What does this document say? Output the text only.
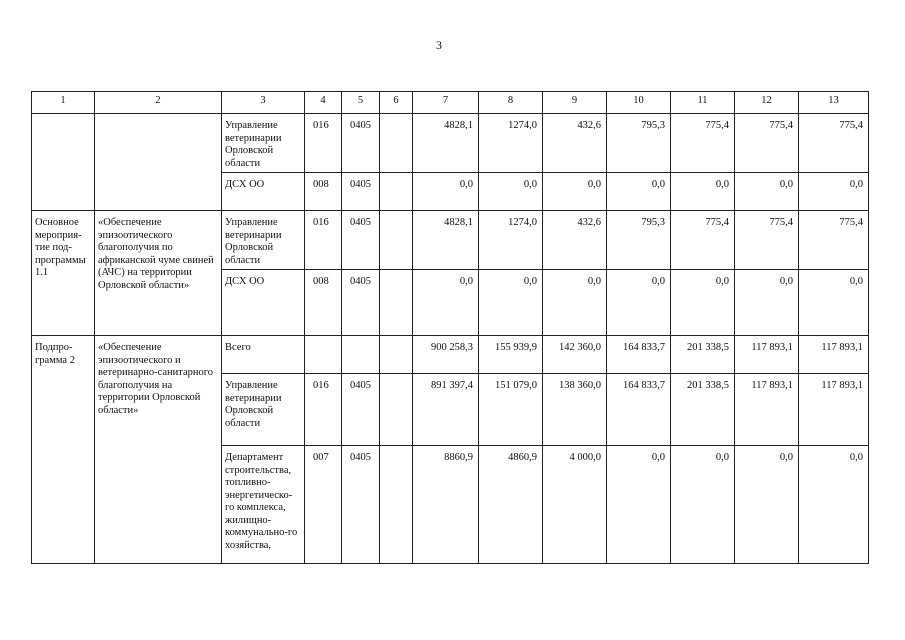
3
1	2	3	4	5	6	7	8	9	10	11	12	13
		Управление ветеринарии Орловской области	016	0405		4828,1	1274,0	432,6	795,3	775,4	775,4	775,4
		ДСХ ОО	008	0405		0,0	0,0	0,0	0,0	0,0	0,0	0,0
Основное мероприя-тие под-программы 1.1	«Обеспечение эпизоотического благополучия по африканской чуме свиней (АЧС) на территории Орловской области»	Управление ветеринарии Орловской области	016	0405		4828,1	1274,0	432,6	795,3	775,4	775,4	775,4
		ДСХ ОО	008	0405		0,0	0,0	0,0	0,0	0,0	0,0	0,0
Подпро-грамма 2	«Обеспечение эпизоотического и ветеринарно-санитарного благополучия на территории Орловской области»	Всего				900 258,3	155 939,9	142 360,0	164 833,7	201 338,5	117 893,1	117 893,1
		Управление ветеринарии Орловской области	016	0405		891 397,4	151 079,0	138 360,0	164 833,7	201 338,5	117 893,1	117 893,1
		Департамент строительства, топливно-энергетическо-го комплекса, жилищно-коммунально-го хозяйства,	007	0405		8860,9	4860,9	4 000,0	0,0	0,0	0,0	0,0
